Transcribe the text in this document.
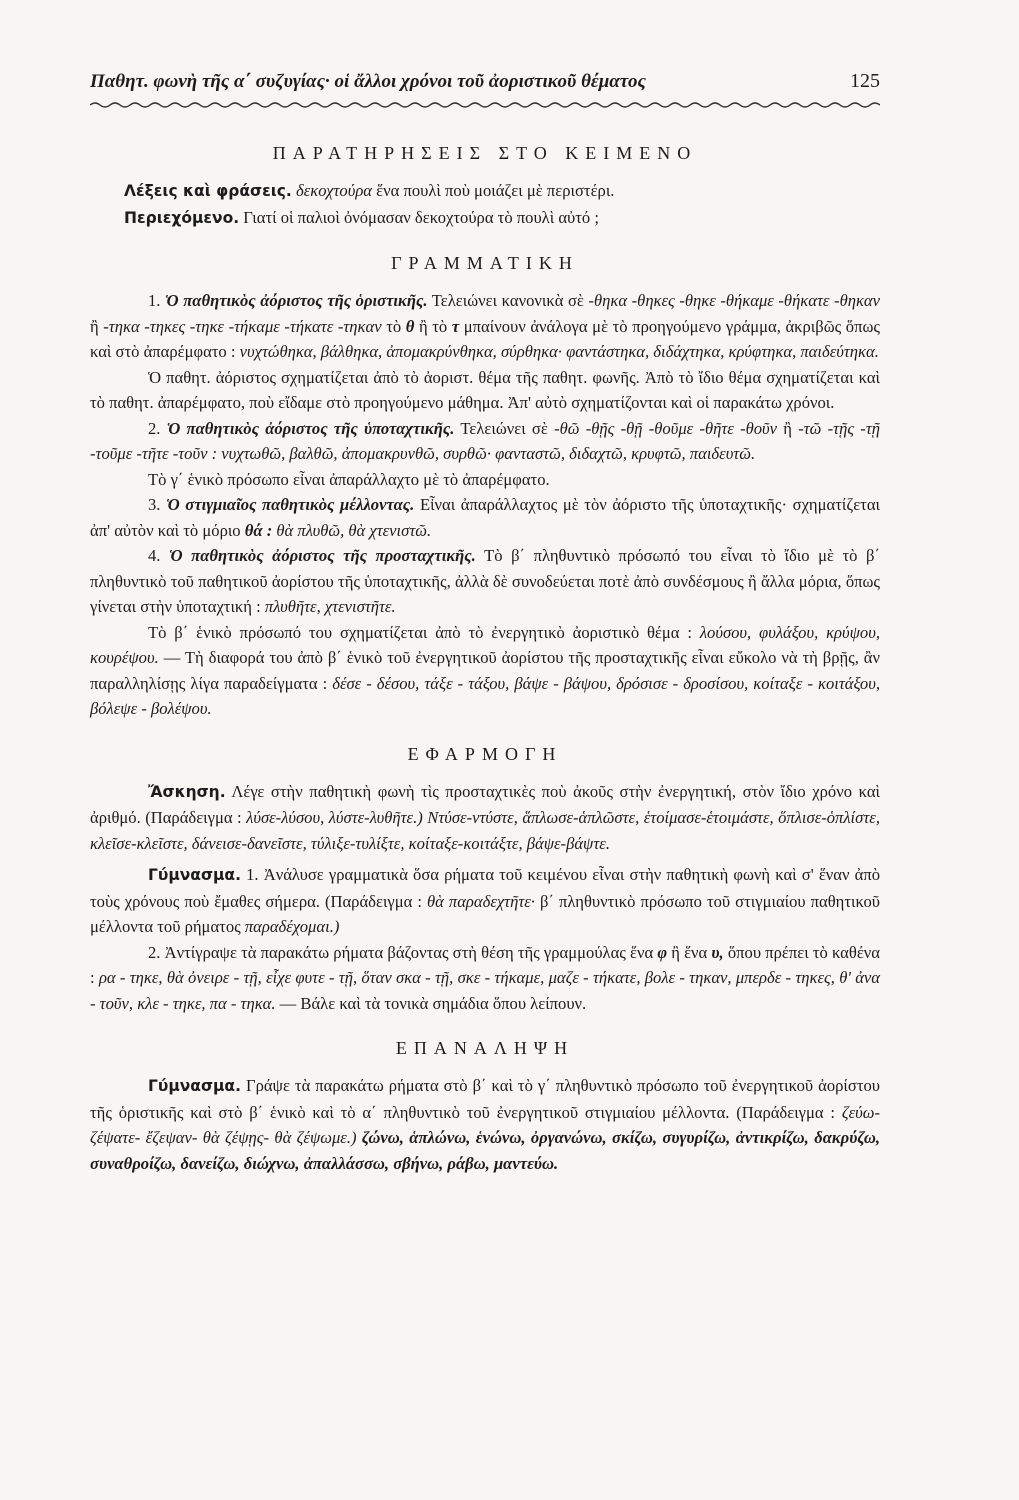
Παθητ. φωνὴ τῆς α΄ συζυγίας· οἱ ἄλλοι χρόνοι τοῦ ἀοριστικοῦ θέματος	125
ΠΑΡΑΤΗΡΗΣΕΙΣ ΣΤΟ ΚΕΙΜΕΝΟ

Λέξεις καὶ φράσεις. δεκοχτούρα ἕνα πουλὶ ποὺ μοιάζει μὲ περιστέρι.

Περιεχόμενο. Γιατί οἱ παλιοὶ ὀνόμασαν δεκοχτούρα τὸ πουλὶ αὐτό ;

ΓΡΑΜΜΑΤΙΚΗ

1. Ὁ παθητικὸς ἀόριστος τῆς ὁριστικῆς. Τελειώνει κανονικὰ σὲ -θηκα -θηκες -θηκε -θήκαμε -θήκατε -θηκαν ἢ -τηκα -τηκες -τηκε -τήκαμε -τήκατε -τηκαν τὸ θ ἢ τὸ τ μπαίνουν ἀνάλογα μὲ τὸ προηγούμενο γράμμα, ἀκριβῶς ὅπως καὶ στὸ ἀπαρέμφατο : νυχτώθηκα, βάλθηκα, ἀπομακρύνθηκα, σύρθηκα· φαντάστηκα, διδάχτηκα, κρύφτηκα, παιδεύτηκα.

Ὁ παθητ. ἀόριστος σχηματίζεται ἀπὸ τὸ ἀοριστ. θέμα τῆς παθητ. φωνῆς. Ἀπὸ τὸ ἴδιο θέμα σχηματίζεται καὶ τὸ παθητ. ἀπαρέμφατο, ποὺ εἴδαμε στὸ προηγούμενο μάθημα. Ἀπ' αὐτὸ σχηματίζονται καὶ οἱ παρακάτω χρόνοι.

2. Ὁ παθητικὸς ἀόριστος τῆς ὑποταχτικῆς. Τελειώνει σὲ -θῶ -θῇς -θῇ -θοῦμε -θῆτε -θοῦν ἢ -τῶ -τῇς -τῇ -τοῦμε -τῆτε -τοῦν : νυχτωθῶ, βαλθῶ, ἀπομακρυνθῶ, συρθῶ· φανταστῶ, διδαχτῶ, κρυφτῶ, παιδευτῶ.

Τὸ γ΄ ἑνικὸ πρόσωπο εἶναι ἀπαράλλαχτο μὲ τὸ ἀπαρέμφατο.

3. Ὁ στιγμιαῖος παθητικὸς μέλλοντας. Εἶναι ἀπαράλλαχτος μὲ τὸν ἀόριστο τῆς ὑποταχτικῆς· σχηματίζεται ἀπ' αὐτὸν καὶ τὸ μόριο θά : θὰ πλυθῶ, θὰ χτενιστῶ.

4. Ὁ παθητικὸς ἀόριστος τῆς προσταχτικῆς. Τὸ β΄ πληθυντικὸ πρόσωπό του εἶναι τὸ ἴδιο μὲ τὸ β΄ πληθυντικὸ τοῦ παθητικοῦ ἀορίστου τῆς ὑποταχτικῆς, ἀλλὰ δὲ συνοδεύεται ποτὲ ἀπὸ συνδέσμους ἢ ἄλλα μόρια, ὅπως γίνεται στὴν ὑποταχτική : πλυθῆτε, χτενιστῆτε.

Τὸ β΄ ἑνικὸ πρόσωπό του σχηματίζεται ἀπὸ τὸ ἐνεργητικὸ ἀοριστικὸ θέμα : λούσου, φυλάξου, κρύψου, κουρέψου. — Τὴ διαφορά του ἀπὸ β΄ ἑνικὸ τοῦ ἐνεργητικοῦ ἀορίστου τῆς προσταχτικῆς εἶναι εὔκολο νὰ τὴ βρῇς, ἂν παραλληλίσῃς λίγα παραδείγματα : δέσε - δέσου, τάξε - τάξου, βάψε - βάψου, δρόσισε - δροσίσου, κοίταξε - κοιτάξου, βόλεψε - βολέψου.

ΕΦΑΡΜΟΓΗ

Ἄσκηση. Λέγε στὴν παθητικὴ φωνὴ τὶς προσταχτικὲς ποὺ ἀκοῦς στὴν ἐνεργητική, στὸν ἴδιο χρόνο καὶ ἀριθμό. (Παράδειγμα : λύσε-λύσου, λύστε-λυθῆτε.) Ντύσε-ντύστε, ἅπλωσε-ἁπλῶστε, ἑτοίμασε-ἑτοιμάστε, ὅπλισε-ὁπλίστε, κλεῖσε-κλεῖστε, δάνεισε-δανεῖστε, τύλιξε-τυλίξτε, κοίταξε-κοιτάξτε, βάψε-βάψτε.

Γύμνασμα. 1. Ἀνάλυσε γραμματικὰ ὅσα ρήματα τοῦ κειμένου εἶναι στὴν παθητικὴ φωνὴ καὶ σ' ἕναν ἀπὸ τοὺς χρόνους ποὺ ἔμαθες σήμερα. (Παράδειγμα : θὰ παραδεχτῆτε· β΄ πληθυντικὸ πρόσωπο τοῦ στιγμιαίου παθητικοῦ μέλλοντα τοῦ ρήματος παραδέχομαι.)

2. Ἀντίγραψε τὰ παρακάτω ρήματα βάζοντας στὴ θέση τῆς γραμμούλας ἕνα φ ἢ ἕνα υ, ὅπου πρέπει τὸ καθένα : ρα - τηκε, θὰ ὀνειρε - τῇ, εἶχε φυτε - τῇ, ὅταν σκα - τῇ, σκε - τήκαμε, μαζε - τήκατε, βολε - τηκαν, μπερδε - τηκες, θ' ἀνα - τοῦν, κλε - τηκε, πα - τηκα. — Βάλε καὶ τὰ τονικὰ σημάδια ὅπου λείπουν.

ΕΠΑΝΑΛΗΨΗ

Γύμνασμα. Γράψε τὰ παρακάτω ρήματα στὸ β΄ καὶ τὸ γ΄ πληθυντικὸ πρόσωπο τοῦ ἐνεργητικοῦ ἀορίστου τῆς ὁριστικῆς καὶ στὸ β΄ ἑνικὸ καὶ τὸ α΄ πληθυντικὸ τοῦ ἐνεργητικοῦ στιγμιαίου μέλλοντα. (Παράδειγμα : ζεύω- ζέψατε- ἔζεψαν- θὰ ζέψῃς- θὰ ζέψωμε.) ζώνω, ἁπλώνω, ἑνώνω, ὀργανώνω, σκίζω, συγυρίζω, ἀντικρίζω, δακρύζω, συναθροίζω, δανείζω, διώχνω, ἀπαλλάσσω, σβήνω, ράβω, μαντεύω.
